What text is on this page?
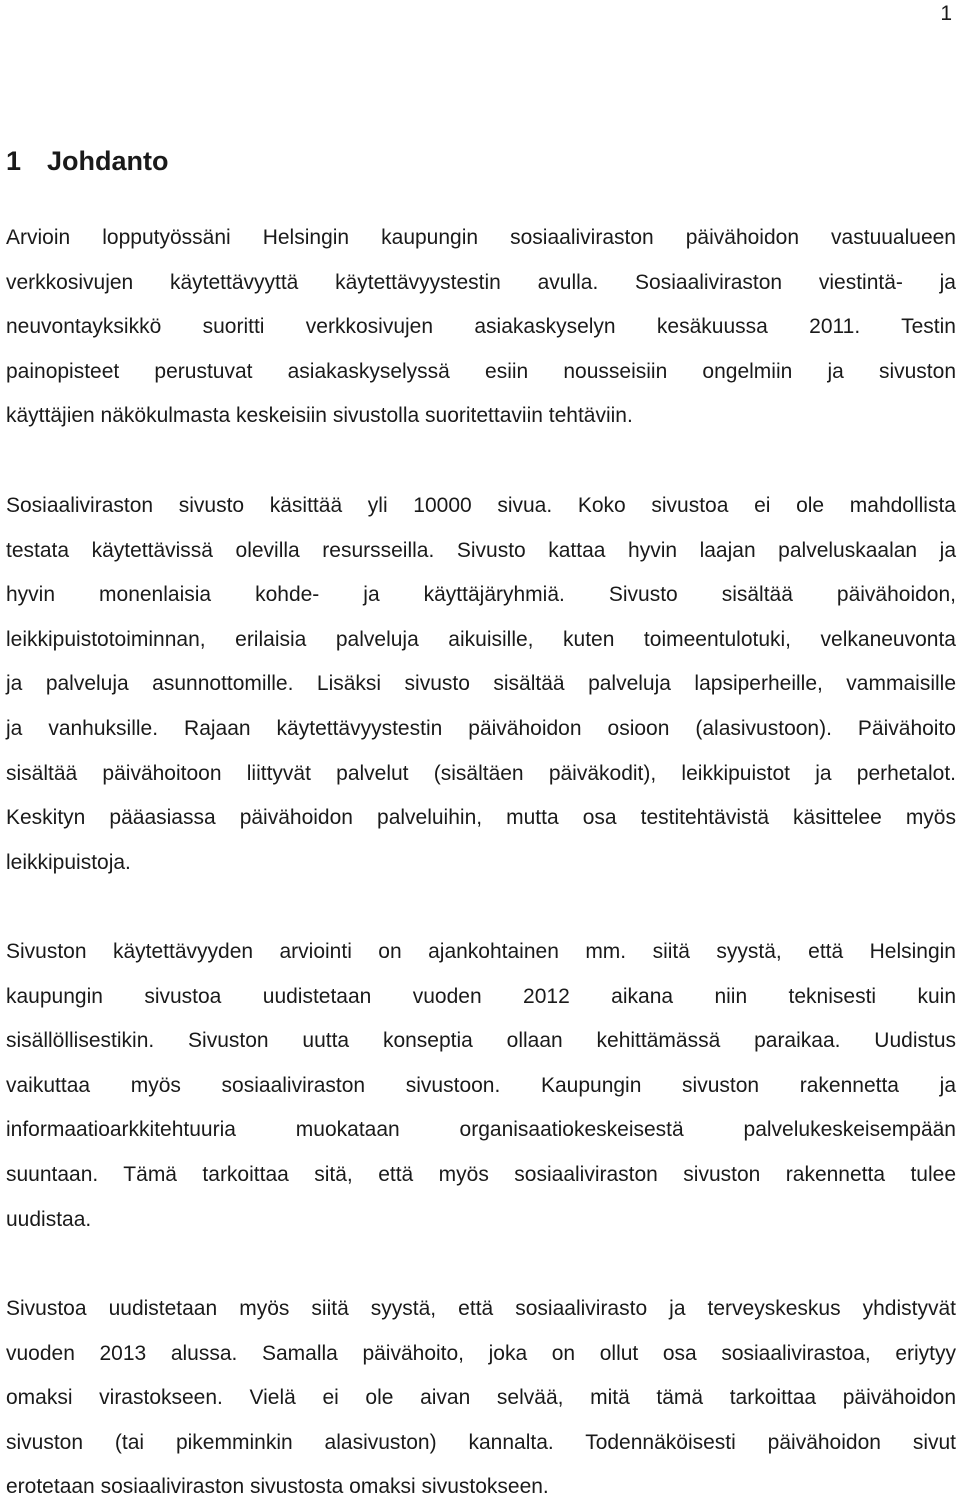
1
1 Johdanto

Arvioin lopputyössäni Helsingin kaupungin sosiaaliviraston päivähoidon vastuualueen
verkkosivujen käytettävyyttä käytettävyystestin avulla. Sosiaaliviraston viestintä- ja
neuvontayksikkö suoritti verkkosivujen asiakaskyselyn kesäkuussa 2011. Testin
painopisteet perustuvat asiakaskyselyssä esiin nousseisiin ongelmiin ja sivuston
käyttäjien näkökulmasta keskeisiin sivustolla suoritettaviin tehtäviin.

Sosiaaliviraston sivusto käsittää yli 10000 sivua. Koko sivustoa ei ole mahdollista
testata käytettävissä olevilla resursseilla. Sivusto kattaa hyvin laajan palveluskaalan ja
hyvin monenlaisia kohde- ja käyttäjäryhmiä. Sivusto sisältää päivähoidon,
leikkipuistotoiminnan, erilaisia palveluja aikuisille, kuten toimeentulotuki, velkaneuvonta
ja palveluja asunnottomille. Lisäksi sivusto sisältää palveluja lapsiperheille, vammaisille
ja vanhuksille. Rajaan käytettävyystestin päivähoidon osioon (alasivustoon). Päivähoito
sisältää päivähoitoon liittyvät palvelut (sisältäen päiväkodit), leikkipuistot ja perhetalot.
Keskityn pääasiassa päivähoidon palveluihin, mutta osa testitehtävistä käsittelee myös
leikkipuistoja.

Sivuston käytettävyyden arviointi on ajankohtainen mm. siitä syystä, että Helsingin
kaupungin sivustoa uudistetaan vuoden 2012 aikana niin teknisesti kuin
sisällöllisestikin. Sivuston uutta konseptia ollaan kehittämässä paraikaa. Uudistus
vaikuttaa myös sosiaaliviraston sivustoon. Kaupungin sivuston rakennetta ja
informaatioarkkitehtuuria muokataan organisaatiokeskeisestä palvelukeskeisempään
suuntaan. Tämä tarkoittaa sitä, että myös sosiaaliviraston sivuston rakennetta tulee
uudistaa.

Sivustoa uudistetaan myös siitä syystä, että sosiaalivirasto ja terveyskeskus yhdistyvät
vuoden 2013 alussa. Samalla päivähoito, joka on ollut osa sosiaalivirastoa, eriytyy
omaksi virastokseen. Vielä ei ole aivan selvää, mitä tämä tarkoittaa päivähoidon
sivuston (tai pikemminkin alasivuston) kannalta. Todennäköisesti päivähoidon sivut
erotetaan sosiaaliviraston sivustosta omaksi sivustokseen.
